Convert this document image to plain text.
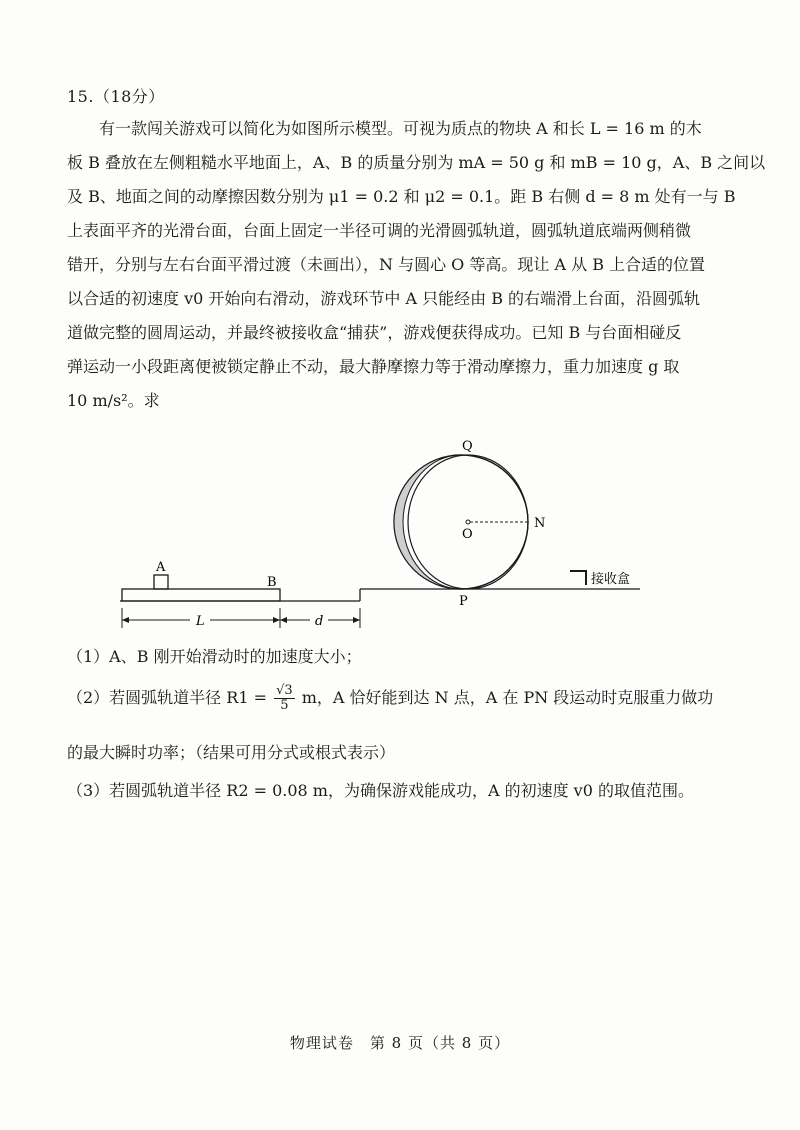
15.（18分）
有一款闯关游戏可以简化为如图所示模型。可视为质点的物块 A 和长 L = 16 m 的木
板 B 叠放在左侧粗糙水平地面上，A、B 的质量分别为 mA = 50 g 和 mB = 10 g，A、B 之间以
及 B、地面之间的动摩擦因数分别为 μ1 = 0.2 和 μ2 = 0.1。距 B 右侧 d = 8 m 处有一与 B
上表面平齐的光滑台面，台面上固定一半径可调的光滑圆弧轨道，圆弧轨道底端两侧稍微
错开，分别与左右台面平滑过渡（未画出），N 与圆心 O 等高。现让 A 从 B 上合适的位置
以合适的初速度 v0 开始向右滑动，游戏环节中 A 只能经由 B 的右端滑上台面，沿圆弧轨
道做完整的圆周运动，并最终被接收盒“捕获”，游戏便获得成功。已知 B 与台面相碰反
弹运动一小段距离便被锁定静止不动，最大静摩擦力等于滑动摩擦力，重力加速度 g 取
10 m/s²。求
A
B
O
N
Q
P
接收盒
L	d
（1）A、B 刚开始滑动时的加速度大小；
（2）若圆弧轨道半径 $R1 = \frac{√3}{5}$ m，A 恰好能到达 N 点，A 在 PN 段运动时克服重力做功
的最大瞬时功率；（结果可用分式或根式表示）
（3）若圆弧轨道半径 R2 = 0.08 m，为确保游戏能成功，A 的初速度 v0 的取值范围。
物理试卷　第 8 页（共 8 页）
